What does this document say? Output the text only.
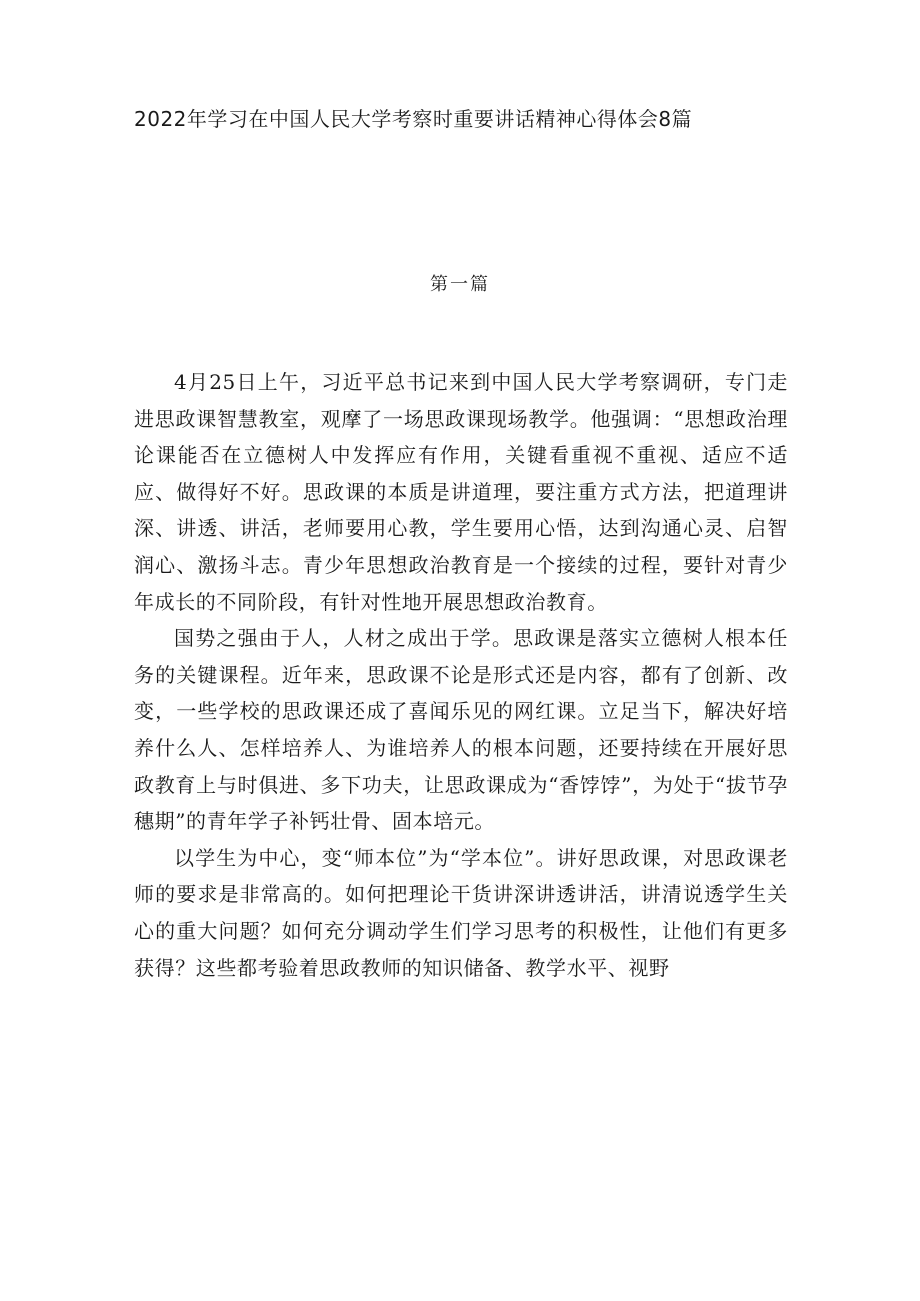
2022年学习在中国人民大学考察时重要讲话精神心得体会8篇
第一篇

4月25日上午，习近平总书记来到中国人民大学考察调研，专门走进思政课智慧教室，观摩了一场思政课现场教学。他强调：“思想政治理论课能否在立德树人中发挥应有作用，关键看重视不重视、适应不适应、做得好不好。思政课的本质是讲道理，要注重方式方法，把道理讲深、讲透、讲活，老师要用心教，学生要用心悟，达到沟通心灵、启智润心、激扬斗志。青少年思想政治教育是一个接续的过程，要针对青少年成长的不同阶段，有针对性地开展思想政治教育。

国势之强由于人，人材之成出于学。思政课是落实立德树人根本任务的关键课程。近年来，思政课不论是形式还是内容，都有了创新、改变，一些学校的思政课还成了喜闻乐见的网红课。立足当下，解决好培养什么人、怎样培养人、为谁培养人的根本问题，还要持续在开展好思政教育上与时俱进、多下功夫，让思政课成为“香饽饽”，为处于“拔节孕穗期”的青年学子补钙壮骨、固本培元。

以学生为中心，变“师本位”为“学本位”。讲好思政课，对思政课老师的要求是非常高的。如何把理论干货讲深讲透讲活，讲清说透学生关心的重大问题？如何充分调动学生们学习思考的积极性，让他们有更多获得？这些都考验着思政教师的知识储备、教学水平、视野
